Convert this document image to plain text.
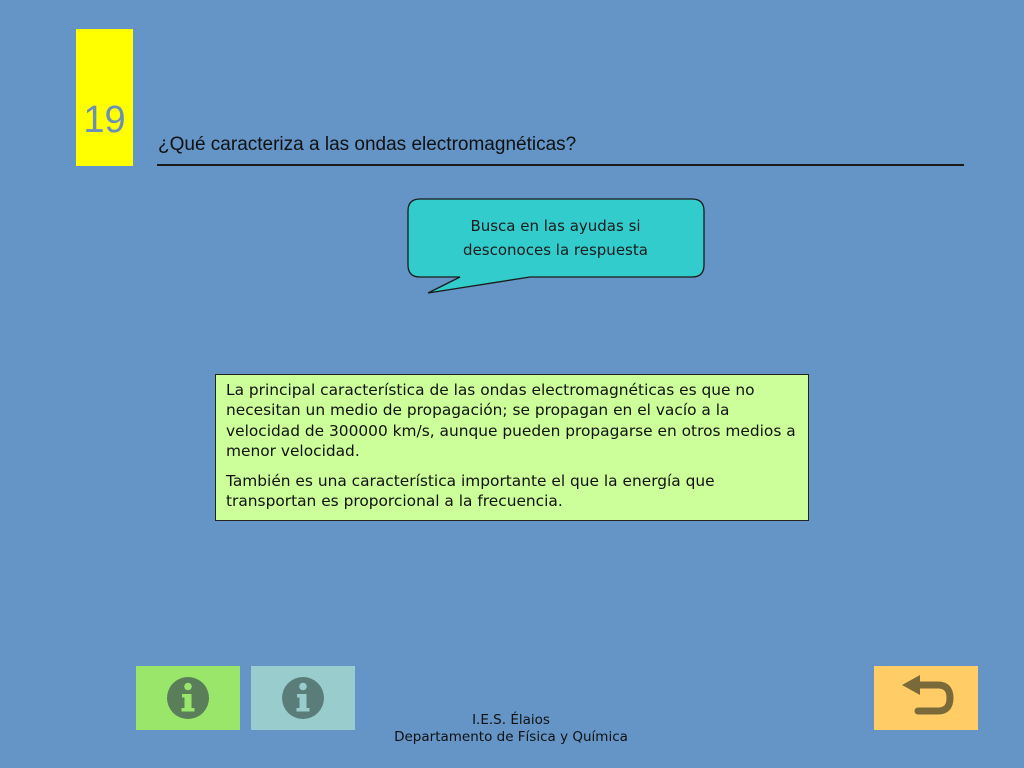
19
¿Qué caracteriza a las ondas electromagnéticas?
Busca en las ayudas si
desconoces la respuesta

La principal característica de las ondas electromagnéticas es que no necesitan un medio de propagación; se propagan en el vacío a la velocidad de 300000 km/s, aunque pueden propagarse en otros medios a menor velocidad.

También es una característica importante el que la energía que transportan es proporcional a la frecuencia.

I.E.S. Élaios
Departamento de Física y Química
